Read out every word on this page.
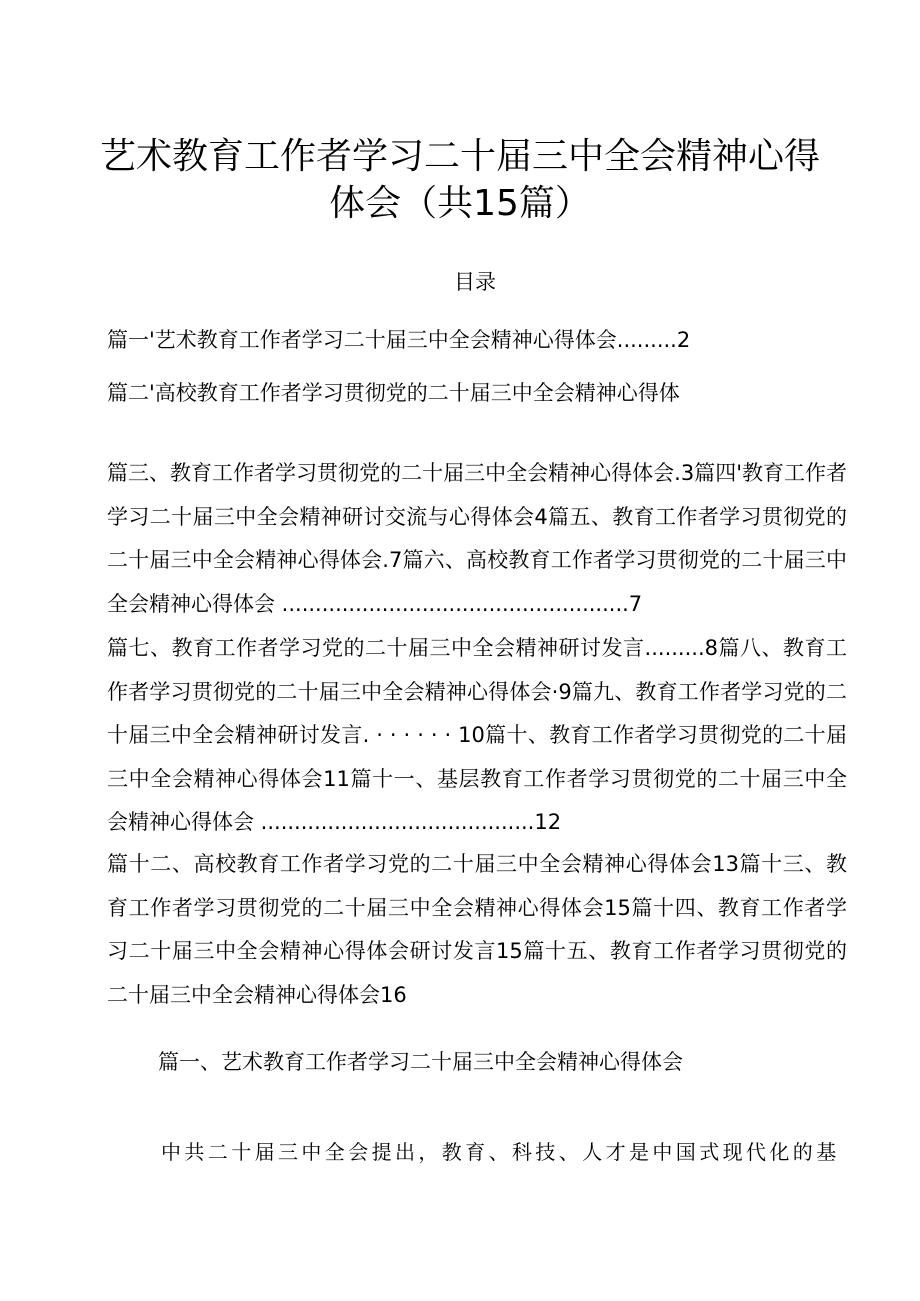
艺术教育工作者学习二十届三中全会精神心得
体会（共15篇）
目录
篇一'艺术教育工作者学习二十届三中全会精神心得体会.........2
篇二'高校教育工作者学习贯彻党的二十届三中全会精神心得体
篇三、教育工作者学习贯彻党的二十届三中全会精神心得体会.3篇四'教育工作者学习二十届三中全会精神研讨交流与心得体会4篇五、教育工作者学习贯彻党的二十届三中全会精神心得体会.7篇六、高校教育工作者学习贯彻党的二十届三中全会精神心得体会 ....................................................7
篇七、教育工作者学习党的二十届三中全会精神研讨发言.........8篇八、教育工作者学习贯彻党的二十届三中全会精神心得体会·9篇九、教育工作者学习党的二十届三中全会精神研讨发言. · · · · · · 10篇十、教育工作者学习贯彻党的二十届三中全会精神心得体会11篇十一、基层教育工作者学习贯彻党的二十届三中全会精神心得体会 .........................................12
篇十二、高校教育工作者学习党的二十届三中全会精神心得体会13篇十三、教育工作者学习贯彻党的二十届三中全会精神心得体会15篇十四、教育工作者学习二十届三中全会精神心得体会研讨发言15篇十五、教育工作者学习贯彻党的二十届三中全会精神心得体会16
篇一、艺术教育工作者学习二十届三中全会精神心得体会
中共二十届三中全会提出，教育、科技、人才是中国式现代化的基
